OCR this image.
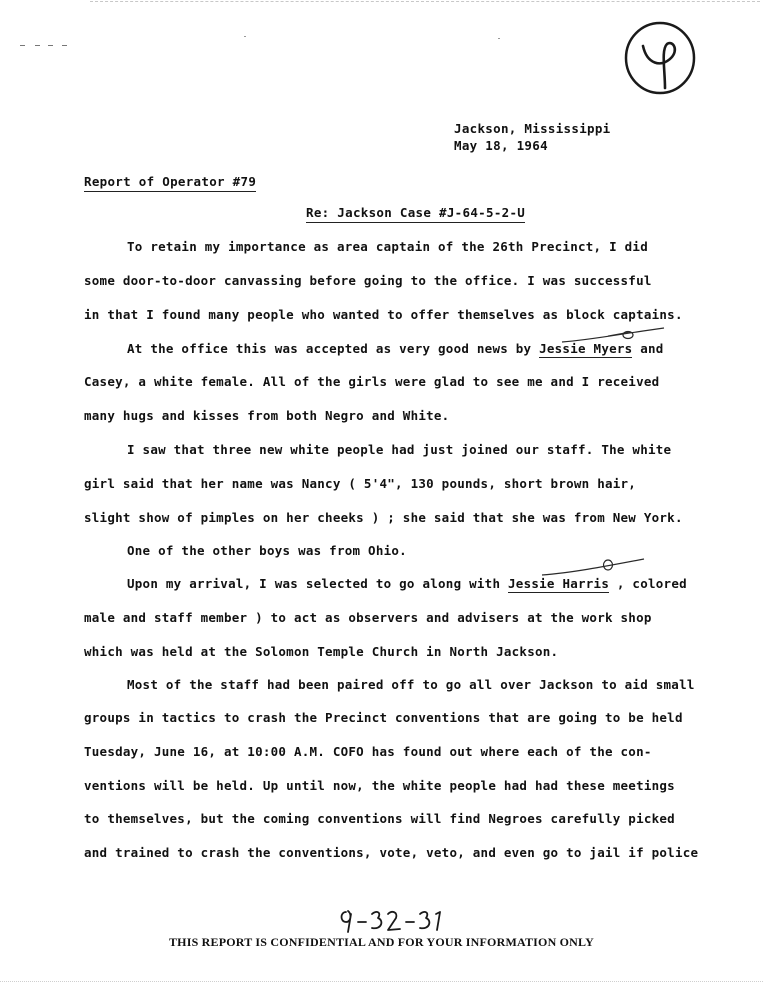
Jackson, Mississippi
May 18, 1964
Report of Operator #79
Re: Jackson Case #J-64-5-2-U
To retain my importance as area captain of the 26th Precinct, I did
some door-to-door canvassing before going to the office. I was successful
in that I found many people who wanted to offer themselves as block captains.
At the office this was accepted as very good news by Jessie Myers and
Casey, a white female. All of the girls were glad to see me and I received
many hugs and kisses from both Negro and White.
I saw that three new white people had just joined our staff. The white
girl said that her name was Nancy ( 5'4", 130 pounds, short brown hair,
slight show of pimples on her cheeks ) ; she said that she was from New York.
One of the other boys was from Ohio.
Upon my arrival, I was selected to go along with Jessie Harris , colored
male and staff member ) to act as observers and advisers at the work shop
which was held at the Solomon Temple Church in North Jackson.
Most of the staff had been paired off to go all over Jackson to aid small
groups in tactics to crash the Precinct conventions that are going to be held
Tuesday, June 16, at 10:00 A.M. COFO has found out where each of the con-
ventions will be held. Up until now, the white people had had these meetings
to themselves, but the coming conventions will find Negroes carefully picked
and trained to crash the conventions, vote, veto, and even go to jail if police
THIS REPORT IS CONFIDENTIAL AND FOR YOUR INFORMATION ONLY
